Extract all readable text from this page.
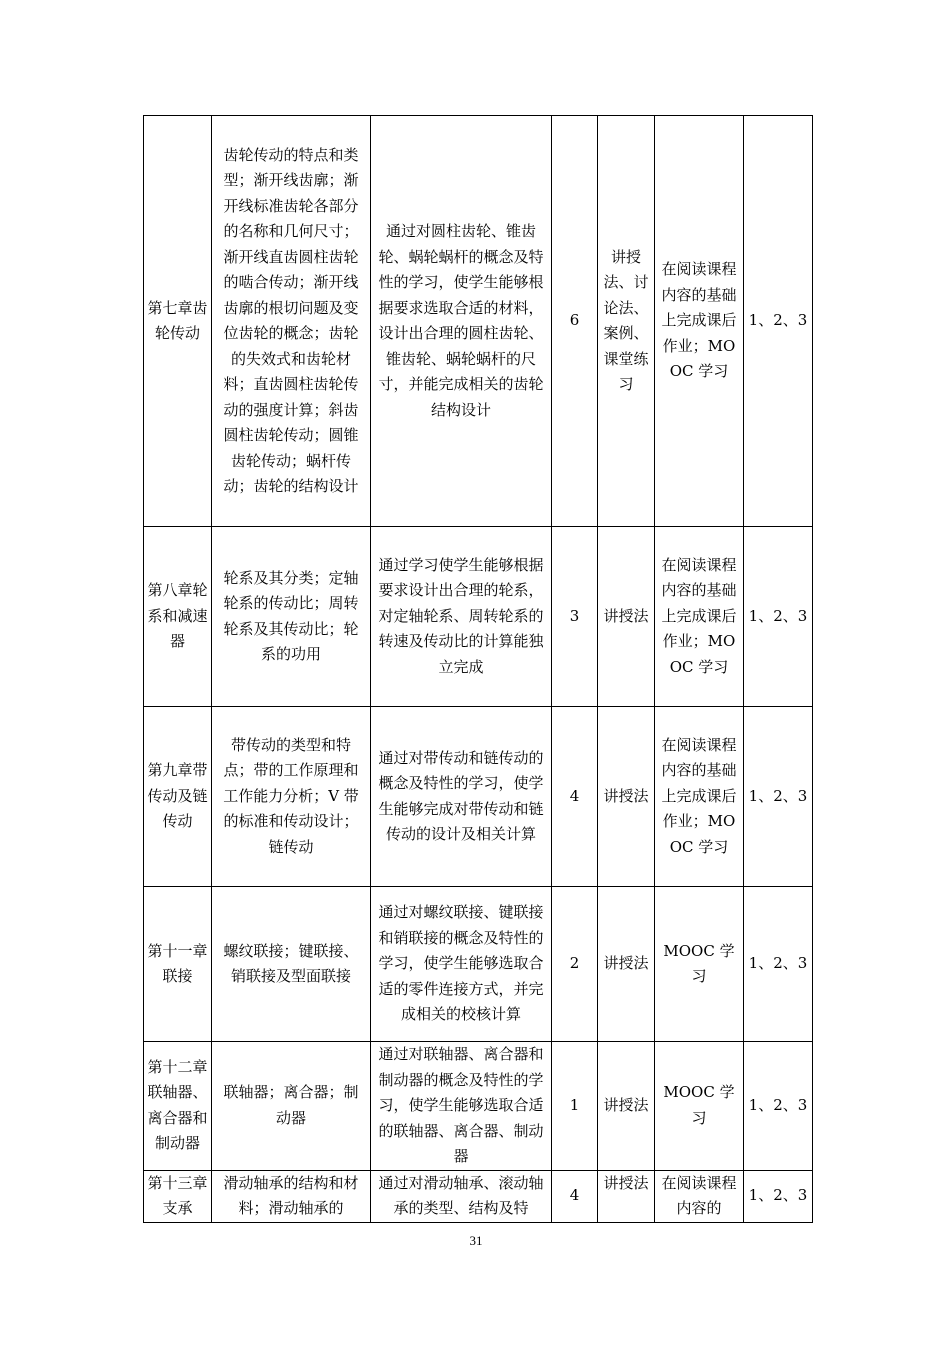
第七章齿轮传动	齿轮传动的特点和类型；渐开线齿廓；渐开线标准齿轮各部分的名称和几何尺寸；渐开线直齿圆柱齿轮的啮合传动；渐开线齿廓的根切问题及变位齿轮的概念；齿轮的失效式和齿轮材料；直齿圆柱齿轮传动的强度计算；斜齿圆柱齿轮传动；圆锥齿轮传动；蜗杆传动；齿轮的结构设计	通过对圆柱齿轮、锥齿轮、蜗轮蜗杆的概念及特性的学习，使学生能够根据要求选取合适的材料，设计出合理的圆柱齿轮、锥齿轮、蜗轮蜗杆的尺寸，并能完成相关的齿轮结构设计	6	讲授法、讨论法、案例、课堂练习	在阅读课程内容的基础上完成课后作业；MOOC 学习	1、2、3
第八章轮系和减速器	轮系及其分类；定轴轮系的传动比；周转轮系及其传动比；轮系的功用	通过学习使学生能够根据要求设计出合理的轮系，对定轴轮系、周转轮系的转速及传动比的计算能独立完成	3	讲授法	在阅读课程内容的基础上完成课后作业；MOOC 学习	1、2、3
第九章带传动及链传动	带传动的类型和特点；带的工作原理和工作能力分析；V 带的标准和传动设计；链传动	通过对带传动和链传动的概念及特性的学习，使学生能够完成对带传动和链传动的设计及相关计算	4	讲授法	在阅读课程内容的基础上完成课后作业；MOOC 学习	1、2、3
第十一章联接	螺纹联接；键联接、销联接及型面联接	通过对螺纹联接、键联接和销联接的概念及特性的学习，使学生能够选取合适的零件连接方式，并完成相关的校核计算	2	讲授法	MOOC 学习	1、2、3
第十二章联轴器、离合器和制动器	联轴器；离合器；制动器	通过对联轴器、离合器和制动器的概念及特性的学习，使学生能够选取合适的联轴器、离合器、制动器	1	讲授法	MOOC 学习	1、2、3
第十三章支承	滑动轴承的结构和材料；滑动轴承的	通过对滑动轴承、滚动轴承的类型、结构及特	4	讲授法	在阅读课程内容的	1、2、3
31
